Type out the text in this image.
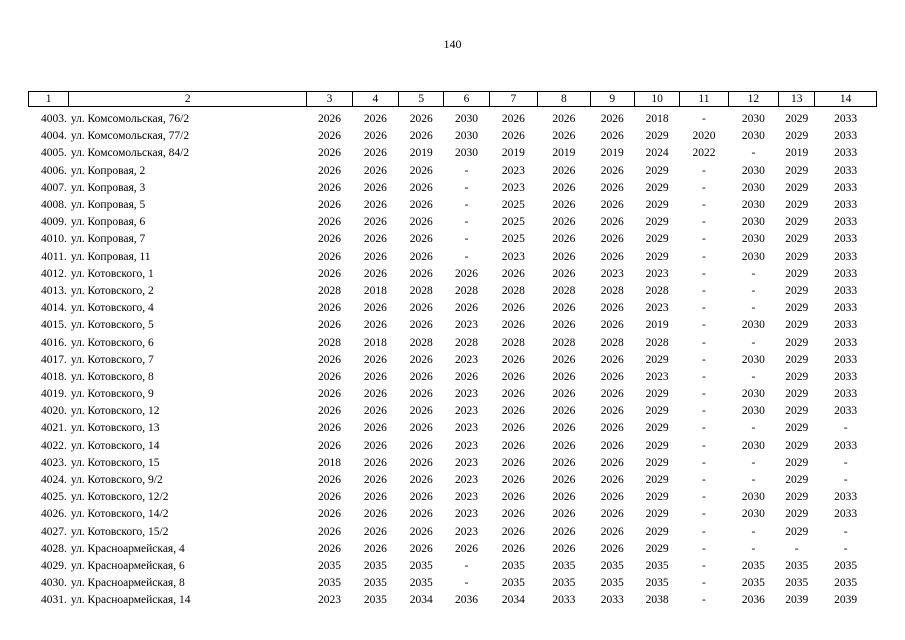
140
1	2	3	4	5	6	7	8	9	10	11	12	13	14
4003.	ул. Комсомольская, 76/2	2026	2026	2026	2030	2026	2026	2026	2018	-	2030	2029	2033
4004.	ул. Комсомольская, 77/2	2026	2026	2026	2030	2026	2026	2026	2029	2020	2030	2029	2033
4005.	ул. Комсомольская, 84/2	2026	2026	2019	2030	2019	2019	2019	2024	2022	-	2019	2033
4006.	ул. Копровая, 2	2026	2026	2026	-	2023	2026	2026	2029	-	2030	2029	2033
4007.	ул. Копровая, 3	2026	2026	2026	-	2023	2026	2026	2029	-	2030	2029	2033
4008.	ул. Копровая, 5	2026	2026	2026	-	2025	2026	2026	2029	-	2030	2029	2033
4009.	ул. Копровая, 6	2026	2026	2026	-	2025	2026	2026	2029	-	2030	2029	2033
4010.	ул. Копровая, 7	2026	2026	2026	-	2025	2026	2026	2029	-	2030	2029	2033
4011.	ул. Копровая, 11	2026	2026	2026	-	2023	2026	2026	2029	-	2030	2029	2033
4012.	ул. Котовского, 1	2026	2026	2026	2026	2026	2026	2023	2023	-	-	2029	2033
4013.	ул. Котовского, 2	2028	2018	2028	2028	2028	2028	2028	2028	-	-	2029	2033
4014.	ул. Котовского, 4	2026	2026	2026	2026	2026	2026	2026	2023	-	-	2029	2033
4015.	ул. Котовского, 5	2026	2026	2026	2023	2026	2026	2026	2019	-	2030	2029	2033
4016.	ул. Котовского, 6	2028	2018	2028	2028	2028	2028	2028	2028	-	-	2029	2033
4017.	ул. Котовского, 7	2026	2026	2026	2023	2026	2026	2026	2029	-	2030	2029	2033
4018.	ул. Котовского, 8	2026	2026	2026	2026	2026	2026	2026	2023	-	-	2029	2033
4019.	ул. Котовского, 9	2026	2026	2026	2023	2026	2026	2026	2029	-	2030	2029	2033
4020.	ул. Котовского, 12	2026	2026	2026	2023	2026	2026	2026	2029	-	2030	2029	2033
4021.	ул. Котовского, 13	2026	2026	2026	2023	2026	2026	2026	2029	-	-	2029	-
4022.	ул. Котовского, 14	2026	2026	2026	2023	2026	2026	2026	2029	-	2030	2029	2033
4023.	ул. Котовского, 15	2018	2026	2026	2023	2026	2026	2026	2029	-	-	2029	-
4024.	ул. Котовского, 9/2	2026	2026	2026	2023	2026	2026	2026	2029	-	-	2029	-
4025.	ул. Котовского, 12/2	2026	2026	2026	2023	2026	2026	2026	2029	-	2030	2029	2033
4026.	ул. Котовского, 14/2	2026	2026	2026	2023	2026	2026	2026	2029	-	2030	2029	2033
4027.	ул. Котовского, 15/2	2026	2026	2026	2023	2026	2026	2026	2029	-	-	2029	-
4028.	ул. Красноармейская, 4	2026	2026	2026	2026	2026	2026	2026	2029	-	-	-	-
4029.	ул. Красноармейская, 6	2035	2035	2035	-	2035	2035	2035	2035	-	2035	2035	2035
4030.	ул. Красноармейская, 8	2035	2035	2035	-	2035	2035	2035	2035	-	2035	2035	2035
4031.	ул. Красноармейская, 14	2023	2035	2034	2036	2034	2033	2033	2038	-	2036	2039	2039
